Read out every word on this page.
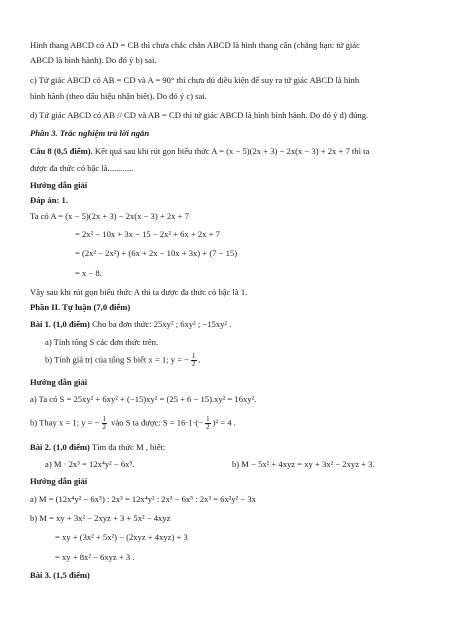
Hình thang ABCD có AD = CB thì chưa chắc chắn ABCD là hình thang cân (chẳng hạn: tứ giác
ABCD là bình hành). Do đó ý b) sai.
c) Tứ giác ABCD có AB = CD và A = 90° thì chưa đủ điều kiện để suy ra tứ giác ABCD là hình
bình hành (theo dấu hiệu nhận biết). Do đó ý c) sai.
d) Tứ giác ABCD có AB // CD và AB = CD thì tứ giác ABCD là hình bình hành. Do đó ý d) đúng.
Phần 3. Trắc nghiệm trả lời ngắn
Câu 8 (0,5 điểm). Kết quả sau khi rút gọn biểu thức A = (x − 5)(2x + 3) − 2x(x − 3) + 2x + 7 thì ta
được đa thức có bậc là............
Hướng dẫn giải
Đáp án: 1.
Ta có A = (x − 5)(2x + 3) − 2x(x − 3) + 2x + 7
= 2x² − 10x + 3x − 15 − 2x² + 6x + 2x + 7
= (2x² − 2x²) + (6x + 2x − 10x + 3x) + (7 − 15)
= x − 8.
Vậy sau khi rút gọn biểu thức A thì ta được đa thức có bậc là 1.
Phần II. Tự luận (7,0 điểm)
Bài 1. (1,0 điểm) Cho ba đơn thức: 25xy² ; 6xy² ; −15xy² .
a) Tính tổng S các đơn thức trên.
b) Tính giá trị của tổng S biết x = 1; y = − $\frac{1}{2}$ .
Hướng dẫn giải
a) Ta có S = 25xy² + 6xy² + (−15)xy² = (25 + 6 − 15).xy² = 16xy².
b) Thay x = 1; y = − $\frac{1}{2}$ vào S ta được: $S = 16\cdot 1\cdot(- \frac{1}{2} )^2 = 4$ .
Bài 2. (1,0 điểm) Tìm đa thức M , biết:
a) M · 2x³ = 12x⁴y² − 6x⁵.	b) M − 5x² + 4xyz = xy + 3x² − 2xyz + 3.
Hướng dẫn giải
a) M = (12x⁴y² − 6x⁵) : 2x³ = 12x⁴y² : 2x³ − 6x⁵ : 2x³ = 6x²y² − 3x
b) M = xy + 3x² − 2xyz + 3 + 5x² − 4xyz
= xy + (3x² + 5x²) − (2xyz + 4xyz) + 3
= xy + 8x² − 6xyz + 3 .
Bài 3. (1,5 điểm)
